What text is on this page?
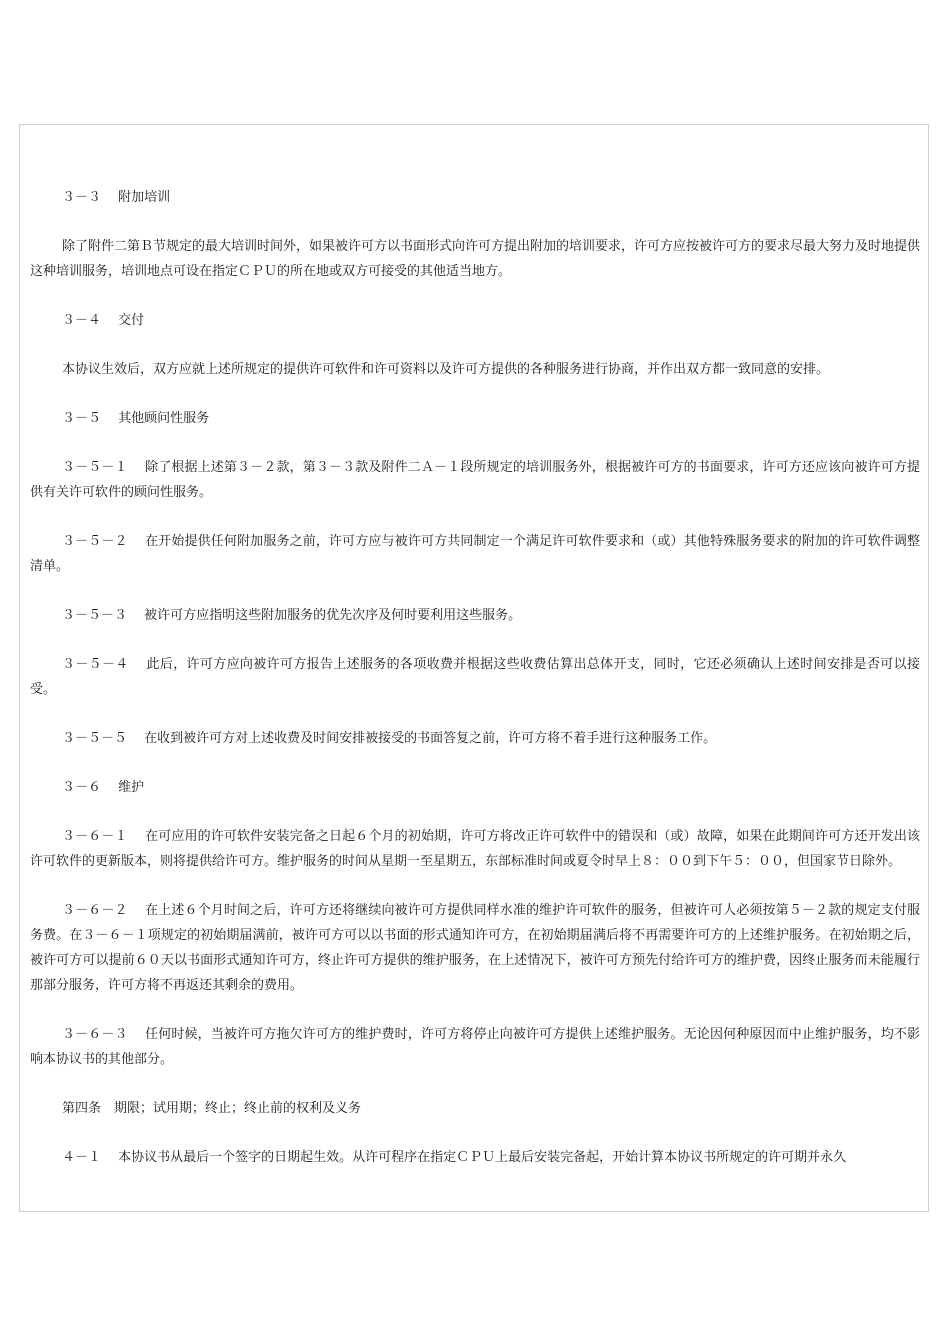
３－３　 附加培训

除了附件二第Ｂ节规定的最大培训时间外，如果被许可方以书面形式向许可方提出附加的培训要求，许可方应按被许可方的要求尽最大努力及时地提供这种培训服务，培训地点可设在指定ＣＰＵ的所在地或双方可接受的其他适当地方。

３－４　 交付

本协议生效后，双方应就上述所规定的提供许可软件和许可资料以及许可方提供的各种服务进行协商，并作出双方都一致同意的安排。

３－５　 其他顾问性服务

３－５－１　 除了根据上述第３－２款，第３－３款及附件二Ａ－１段所规定的培训服务外，根据被许可方的书面要求，许可方还应该向被许可方提供有关许可软件的顾问性服务。

３－５－２　 在开始提供任何附加服务之前，许可方应与被许可方共同制定一个满足许可软件要求和（或）其他特殊服务要求的附加的许可软件调整清单。

３－５－３　 被许可方应指明这些附加服务的优先次序及何时要利用这些服务。

３－５－４　 此后，许可方应向被许可方报告上述服务的各项收费并根据这些收费估算出总体开支，同时，它还必须确认上述时间安排是否可以接受。

３－５－５　 在收到被许可方对上述收费及时间安排被接受的书面答复之前，许可方将不着手进行这种服务工作。

３－６　 维护

３－６－１　 在可应用的许可软件安装完备之日起６个月的初始期，许可方将改正许可软件中的错误和（或）故障，如果在此期间许可方还开发出该许可软件的更新版本，则将提供给许可方。维护服务的时间从星期一至星期五，东部标准时间或夏令时早上８：００到下午５：００，但国家节日除外。

３－６－２　 在上述６个月时间之后，许可方还将继续向被许可方提供同样水准的维护许可软件的服务，但被许可人必须按第５－２款的规定支付服务费。在３－６－１项规定的初始期届满前，被许可方可以以书面的形式通知许可方，在初始期届满后将不再需要许可方的上述维护服务。在初始期之后，被许可方可以提前６０天以书面形式通知许可方，终止许可方提供的维护服务，在上述情况下，被许可方预先付给许可方的维护费，因终止服务而未能履行那部分服务，许可方将不再返还其剩余的费用。

３－６－３　 任何时候，当被许可方拖欠许可方的维护费时，许可方将停止向被许可方提供上述维护服务。无论因何种原因而中止维护服务，均不影响本协议书的其他部分。

第四条　期限；试用期；终止；终止前的权利及义务

４－１　 本协议书从最后一个签字的日期起生效。从许可程序在指定ＣＰＵ上最后安装完备起，开始计算本协议书所规定的许可期并永久
